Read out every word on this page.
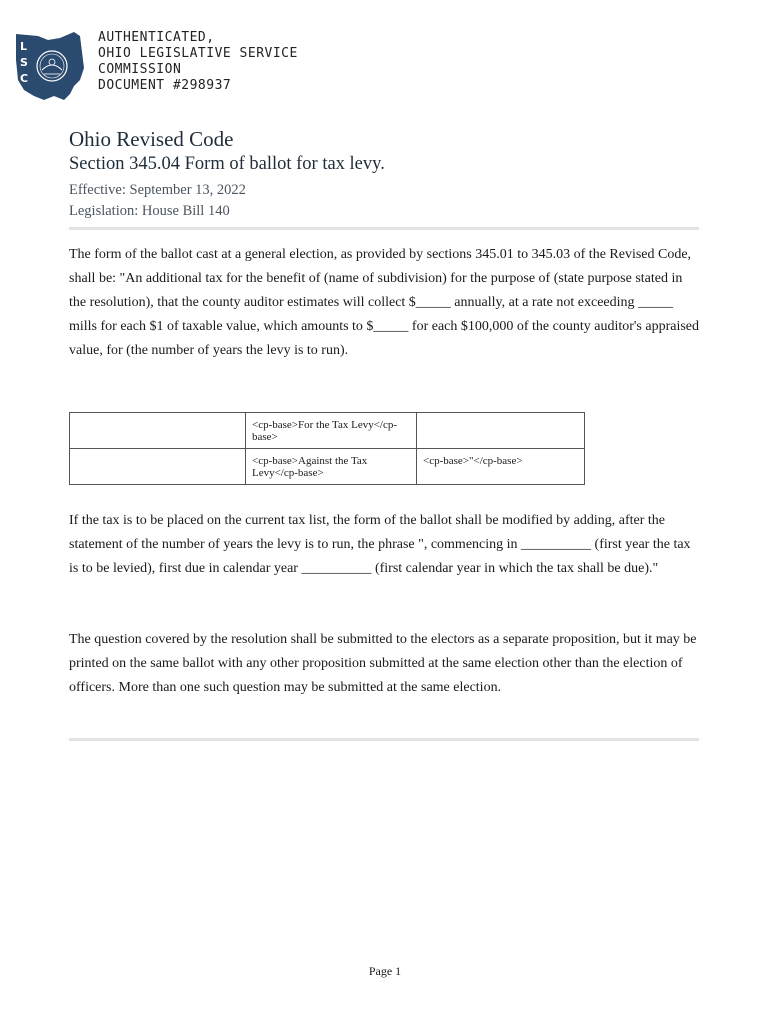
L
S
C
AUTHENTICATED,
OHIO LEGISLATIVE SERVICE
COMMISSION
DOCUMENT #298937
Ohio Revised Code
Section 345.04 Form of ballot for tax levy.
Effective: September 13, 2022
Legislation: House Bill 140
The form of the ballot cast at a general election, as provided by sections 345.01 to 345.03 of the Revised Code, shall be: "An additional tax for the benefit of (name of subdivision) for the purpose of (state purpose stated in the resolution), that the county auditor estimates will collect $_____ annually, at a rate not exceeding _____ mills for each $1 of taxable value, which amounts to $_____ for each $100,000 of the county auditor's appraised value, for (the number of years the levy is to run).
	<cp-base>For the Tax Levy</cp-base>	
	<cp-base>Against the Tax Levy</cp-base>	<cp-base>"</cp-base>
If the tax is to be placed on the current tax list, the form of the ballot shall be modified by adding, after the statement of the number of years the levy is to run, the phrase ", commencing in __________ (first year the tax is to be levied), first due in calendar year __________ (first calendar year in which the tax shall be due)."
The question covered by the resolution shall be submitted to the electors as a separate proposition, but it may be printed on the same ballot with any other proposition submitted at the same election other than the election of officers. More than one such question may be submitted at the same election.
Page 1
